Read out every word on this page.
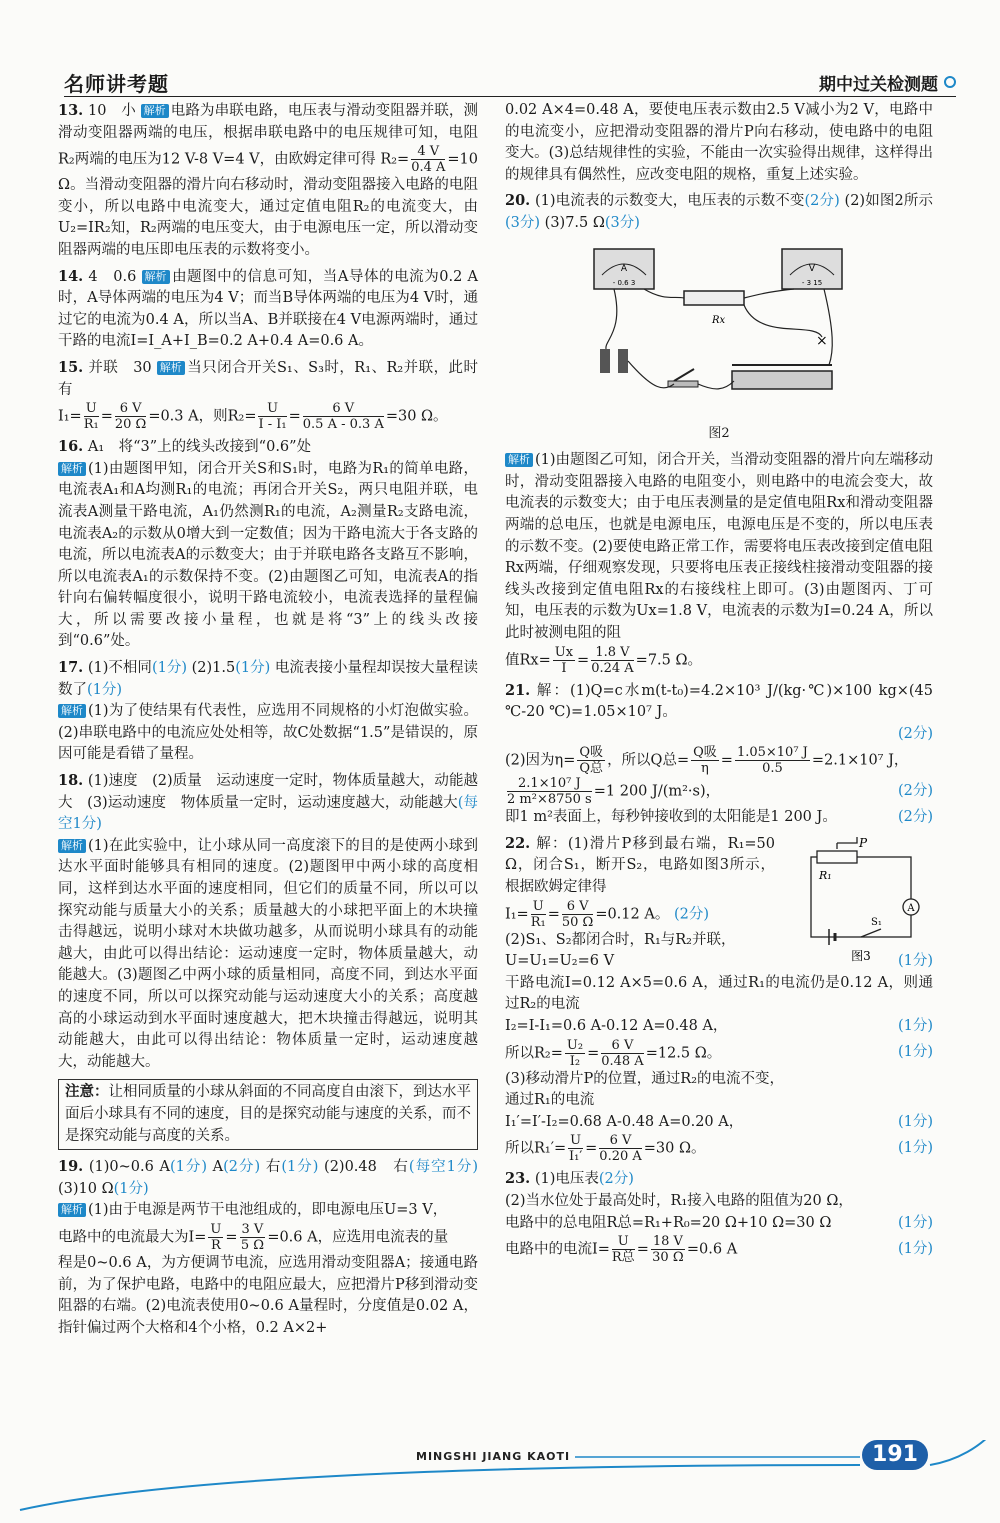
名师讲考题	期中过关检测题
13. 10　小 解析 电路为串联电路，电压表与滑动变阻器并联，测滑动变阻器两端的电压，根据串联电路中的电压规律可知，电阻R₂两端的电压为12 V-8 V=4 V，由欧姆定律可得 $R_2= \frac{4 V}{0.4 A} =10$ Ω。当滑动变阻器的滑片向右移动时，滑动变阻器接入电路的电阻变小，所以电路中电流变大，通过定值电阻R₂的电流变大，由U₂=IR₂知，R₂两端的电压变大，由于电源电压一定，所以滑动变阻器两端的电压即电压表的示数将变小。
14. 4　0.6 解析 由题图中的信息可知，当A导体的电流为0.2 A时，A导体两端的电压为4 V；而当B导体两端的电压为4 V时，通过它的电流为0.4 A，所以当A、B并联接在4 V电源两端时，通过干路的电流I=I_A+I_B=0.2 A+0.4 A=0.6 A。
15. 并联　30 解析 当只闭合开关S₁、S₃时，R₁、R₂并联，此时有
$I_1= \frac{U}{\text{R₁}} = \frac{6 V}{20 \Omega} =0.3$ A，则$R_2= \frac{U}{\text{I - I₁}} = \frac{6 V}{0.5 A - 0.3 A} =30$ Ω。
16. A₁　将“3”上的线头改接到“0.6”处
解析 (1)由题图甲知，闭合开关S和S₁时，电路为R₁的简单电路，电流表A₁和A均测R₁的电流；再闭合开关S₂，两只电阻并联，电流表A测量干路电流，A₁仍然测R₁的电流，A₂测量R₂支路电流，电流表A₂的示数从0增大到一定数值；因为干路电流大于各支路的电流，所以电流表A的示数变大；由于并联电路各支路互不影响，所以电流表A₁的示数保持不变。(2)由题图乙可知，电流表A的指针向右偏转幅度很小，说明干路电流较小，电流表选择的量程偏大，所以需要改接小量程，也就是将“3”上的线头改接到“0.6”处。
17. (1)不相同(1分) (2)1.5(1分) 电流表接小量程却误按大量程读数了(1分)
解析 (1)为了使结果有代表性，应选用不同规格的小灯泡做实验。(2)串联电路中的电流应处处相等，故C处数据“1.5”是错误的，原因可能是看错了量程。
18. (1)速度　(2)质量　运动速度一定时，物体质量越大，动能越大　(3)运动速度　物体质量一定时，运动速度越大，动能越大(每空1分)
解析 (1)在此实验中，让小球从同一高度滚下的目的是使两小球到达水平面时能够具有相同的速度。(2)题图甲中两小球的高度相同，这样到达水平面的速度相同，但它们的质量不同，所以可以探究动能与质量大小的关系；质量越大的小球把平面上的木块撞击得越远，说明小球对木块做功越多，从而说明小球具有的动能越大，由此可以得出结论：运动速度一定时，物体质量越大，动能越大。(3)题图乙中两小球的质量相同，高度不同，到达水平面的速度不同，所以可以探究动能与运动速度大小的关系；高度越高的小球运动到水平面时速度越大，把木块撞击得越远，说明其动能越大，由此可以得出结论：物体质量一定时，运动速度越大，动能越大。
注意：让相同质量的小球从斜面的不同高度自由滚下，到达水平面后小球具有不同的速度，目的是探究动能与速度的关系，而不是探究动能与高度的关系。
19. (1)0~0.6 A(1分) A(2分) 右(1分) (2)0.48　右(每空1分) (3)10 Ω(1分)
解析 (1)由于电源是两节干电池组成的，即电源电压U=3 V，
电路中的电流最大为$I= \frac{U}{R} = \frac{3 V}{5 \Omega} =0.6$ A，应选用电流表的量
程是0~0.6 A，为方便调节电流，应选用滑动变阻器A；接通电路前，为了保护电路，电路中的电阻应最大，应把滑片P移到滑动变阻器的右端。(2)电流表使用0~0.6 A量程时，分度值是0.02 A，指针偏过两个大格和4个小格，0.2 A×2+
0.02 A×4=0.48 A，要使电压表示数由2.5 V减小为2 V，电路中的电流变小，应把滑动变阻器的滑片P向右移动，使电路中的电阻变大。(3)总结规律性的实验，不能由一次实验得出规律，这样得出的规律具有偶然性，应改变电阻的规格，重复上述实验。
20. (1)电流表的示数变大，电压表的示数不变(2分) (2)如图2所示(3分) (3)7.5 Ω(3分)
A
- 0.6 3
V
- 3 15
Rx
×
图2
解析 (1)由题图乙可知，闭合开关，当滑动变阻器的滑片向左端移动时，滑动变阻器接入电路的电阻变小，则电路中的电流会变大，故电流表的示数变大；由于电压表测量的是定值电阻Rx和滑动变阻器两端的总电压，也就是电源电压，电源电压是不变的，所以电压表的示数不变。(2)要使电路正常工作，需要将电压表改接到定值电阻Rx两端，仔细观察发现，只要将电压表正接线柱接滑动变阻器的接线头改接到定值电阻Rx的右接线柱上即可。(3)由题图丙、丁可知，电压表的示数为Ux=1.8 V，电流表的示数为I=0.24 A，所以此时被测电阻的阻
值$Rx= \frac{Ux}{I} = \frac{1.8 V}{0.24 A} =7.5$ Ω。
21. 解：(1)Q=c水m(t-t₀)=4.2×10³ J/(kg·℃)×100 kg×(45 ℃-20 ℃)=1.05×10⁷ J。
(2分)
(2)因为$\eta= \frac{\text{Q吸}}{\text{Q总}}$ ，所以Q总= $\frac{\text{Q吸}}{\eta} = \frac{\text{1.05×10⁷ J}}{0.5} =2.1\times 10^7$ J，
$\frac{\text{2.1×10⁷ J}}{\text{2 m²×8750 s}} =1$ 200 J/(m²·s)，	(2分)
即1 m²表面上，每秒钟接收到的太阳能是1 200 J。	(2分)
22. 解：(1)滑片P移到最右端，R₁=50 Ω，闭合S₁，断开S₂，电路如图3所示，根据欧姆定律得
$I_1= \frac{U}{\text{R₁}} = \frac{6 V}{50 \Omega} =0.12$ A。 (2分)
P
R₁
A
S₁
图3
(2)S₁、S₂都闭合时，R₁与R₂并联，
U=U₁=U₂=6 V	(1分)
干路电流I=0.12 A×5=0.6 A，通过R₁的电流仍是0.12 A，则通过R₂的电流
I₂=I-I₁=0.6 A-0.12 A=0.48 A，	(1分)
所以$R_2= \frac{\text{U₂}}{\text{I₂}} = \frac{6 V}{0.48 A} =12.5$ Ω。	(1分)
(3)移动滑片P的位置，通过R₂的电流不变，
通过R₁的电流
I₁′=I′-I₂=0.68 A-0.48 A=0.20 A，	(1分)
所以$R_1'= \frac{U}{\text{I₁′}} = \frac{6 V}{0.20 A} =30$ Ω。	(1分)
23. (1)电压表(2分)
(2)当水位处于最高处时，R₁接入电路的阻值为20 Ω，
电路中的总电阻R总=R₁+R₀=20 Ω+10 Ω=30 Ω	(1分)
电路中的电流$I= \frac{U}{\text{R总}} = \frac{18 V}{30 \Omega} =0.6$ A	(1分)
MINGSHI JIANG KAOTI	191
